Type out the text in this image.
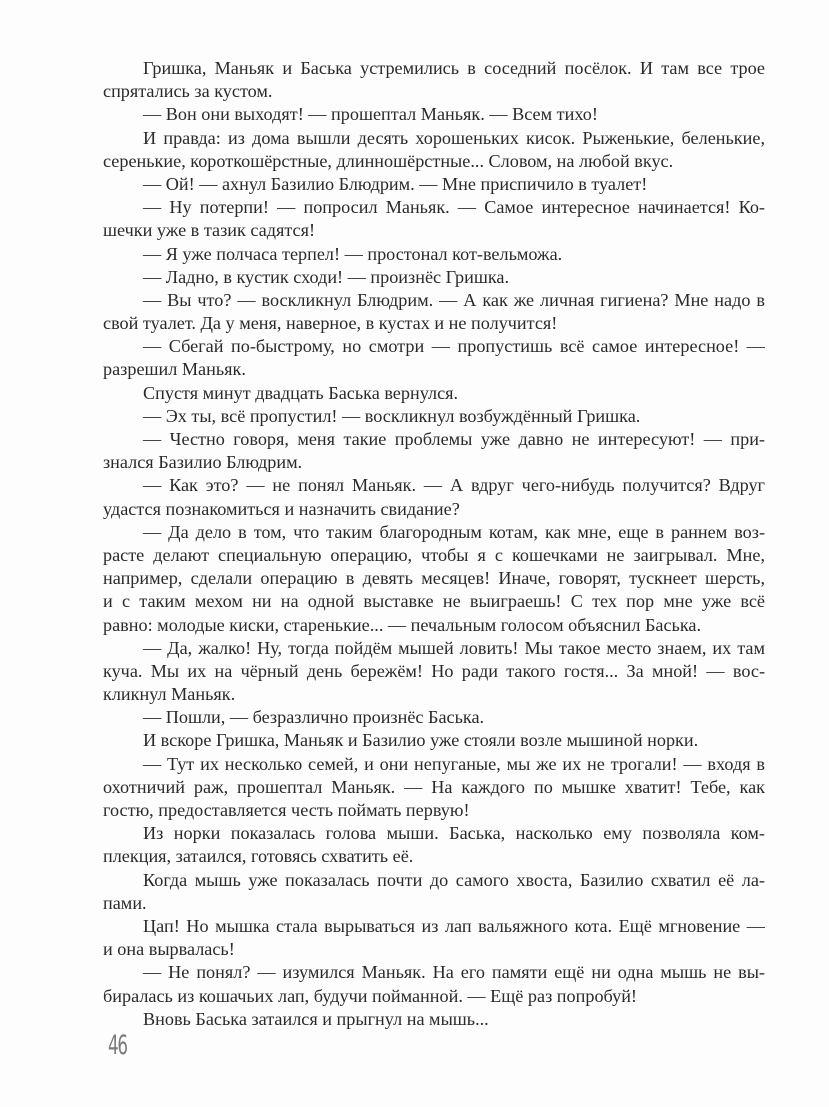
Гришка, Маньяк и Баська устремились в соседний посёлок. И там все трое
спрятались за кустом.
— Вон они выходят! — прошептал Маньяк. — Всем тихо!
И правда: из дома вышли десять хорошеньких кисок. Рыженькие, беленькие,
серенькие, короткошёрстные, длинношёрстные... Словом, на любой вкус.
— Ой! — ахнул Базилио Блюдрим. — Мне приспичило в туалет!
— Ну потерпи! — попросил Маньяк. — Самое интересное начинается! Ко-
шечки уже в тазик садятся!
— Я уже полчаса терпел! — простонал кот-вельможа.
— Ладно, в кустик сходи! — произнёс Гришка.
— Вы что? — воскликнул Блюдрим. — А как же личная гигиена? Мне надо в
свой туалет. Да у меня, наверное, в кустах и не получится!
— Сбегай по-быстрому, но смотри — пропустишь всё самое интересное! —
разрешил Маньяк.
Спустя минут двадцать Баська вернулся.
— Эх ты, всё пропустил! — воскликнул возбуждённый Гришка.
— Честно говоря, меня такие проблемы уже давно не интересуют! — при-
знался Базилио Блюдрим.
— Как это? — не понял Маньяк. — А вдруг чего-нибудь получится? Вдруг
удастся познакомиться и назначить свидание?
— Да дело в том, что таким благородным котам, как мне, еще в раннем воз-
расте делают специальную операцию, чтобы я с кошечками не заигрывал. Мне,
например, сделали операцию в девять месяцев! Иначе, говорят, тускнеет шерсть,
и с таким мехом ни на одной выставке не выиграешь! С тех пор мне уже всё
равно: молодые киски, старенькие... — печальным голосом объяснил Баська.
— Да, жалко! Ну, тогда пойдём мышей ловить! Мы такое место знаем, их там
куча. Мы их на чёрный день бережём! Но ради такого гостя... За мной! — вос-
кликнул Маньяк.
— Пошли, — безразлично произнёс Баська.
И вскоре Гришка, Маньяк и Базилио уже стояли возле мышиной норки.
— Тут их несколько семей, и они непуганые, мы же их не трогали! — входя в
охотничий раж, прошептал Маньяк. — На каждого по мышке хватит! Тебе, как
гостю, предоставляется честь поймать первую!
Из норки показалась голова мыши. Баська, насколько ему позволяла ком-
плекция, затаился, готовясь схватить её.
Когда мышь уже показалась почти до самого хвоста, Базилио схватил её ла-
пами.
Цап! Но мышка стала вырываться из лап вальяжного кота. Ещё мгновение —
и она вырвалась!
— Не понял? — изумился Маньяк. На его памяти ещё ни одна мышь не вы-
биралась из кошачьих лап, будучи пойманной. — Ещё раз попробуй!
Вновь Баська затаился и прыгнул на мышь...
46
